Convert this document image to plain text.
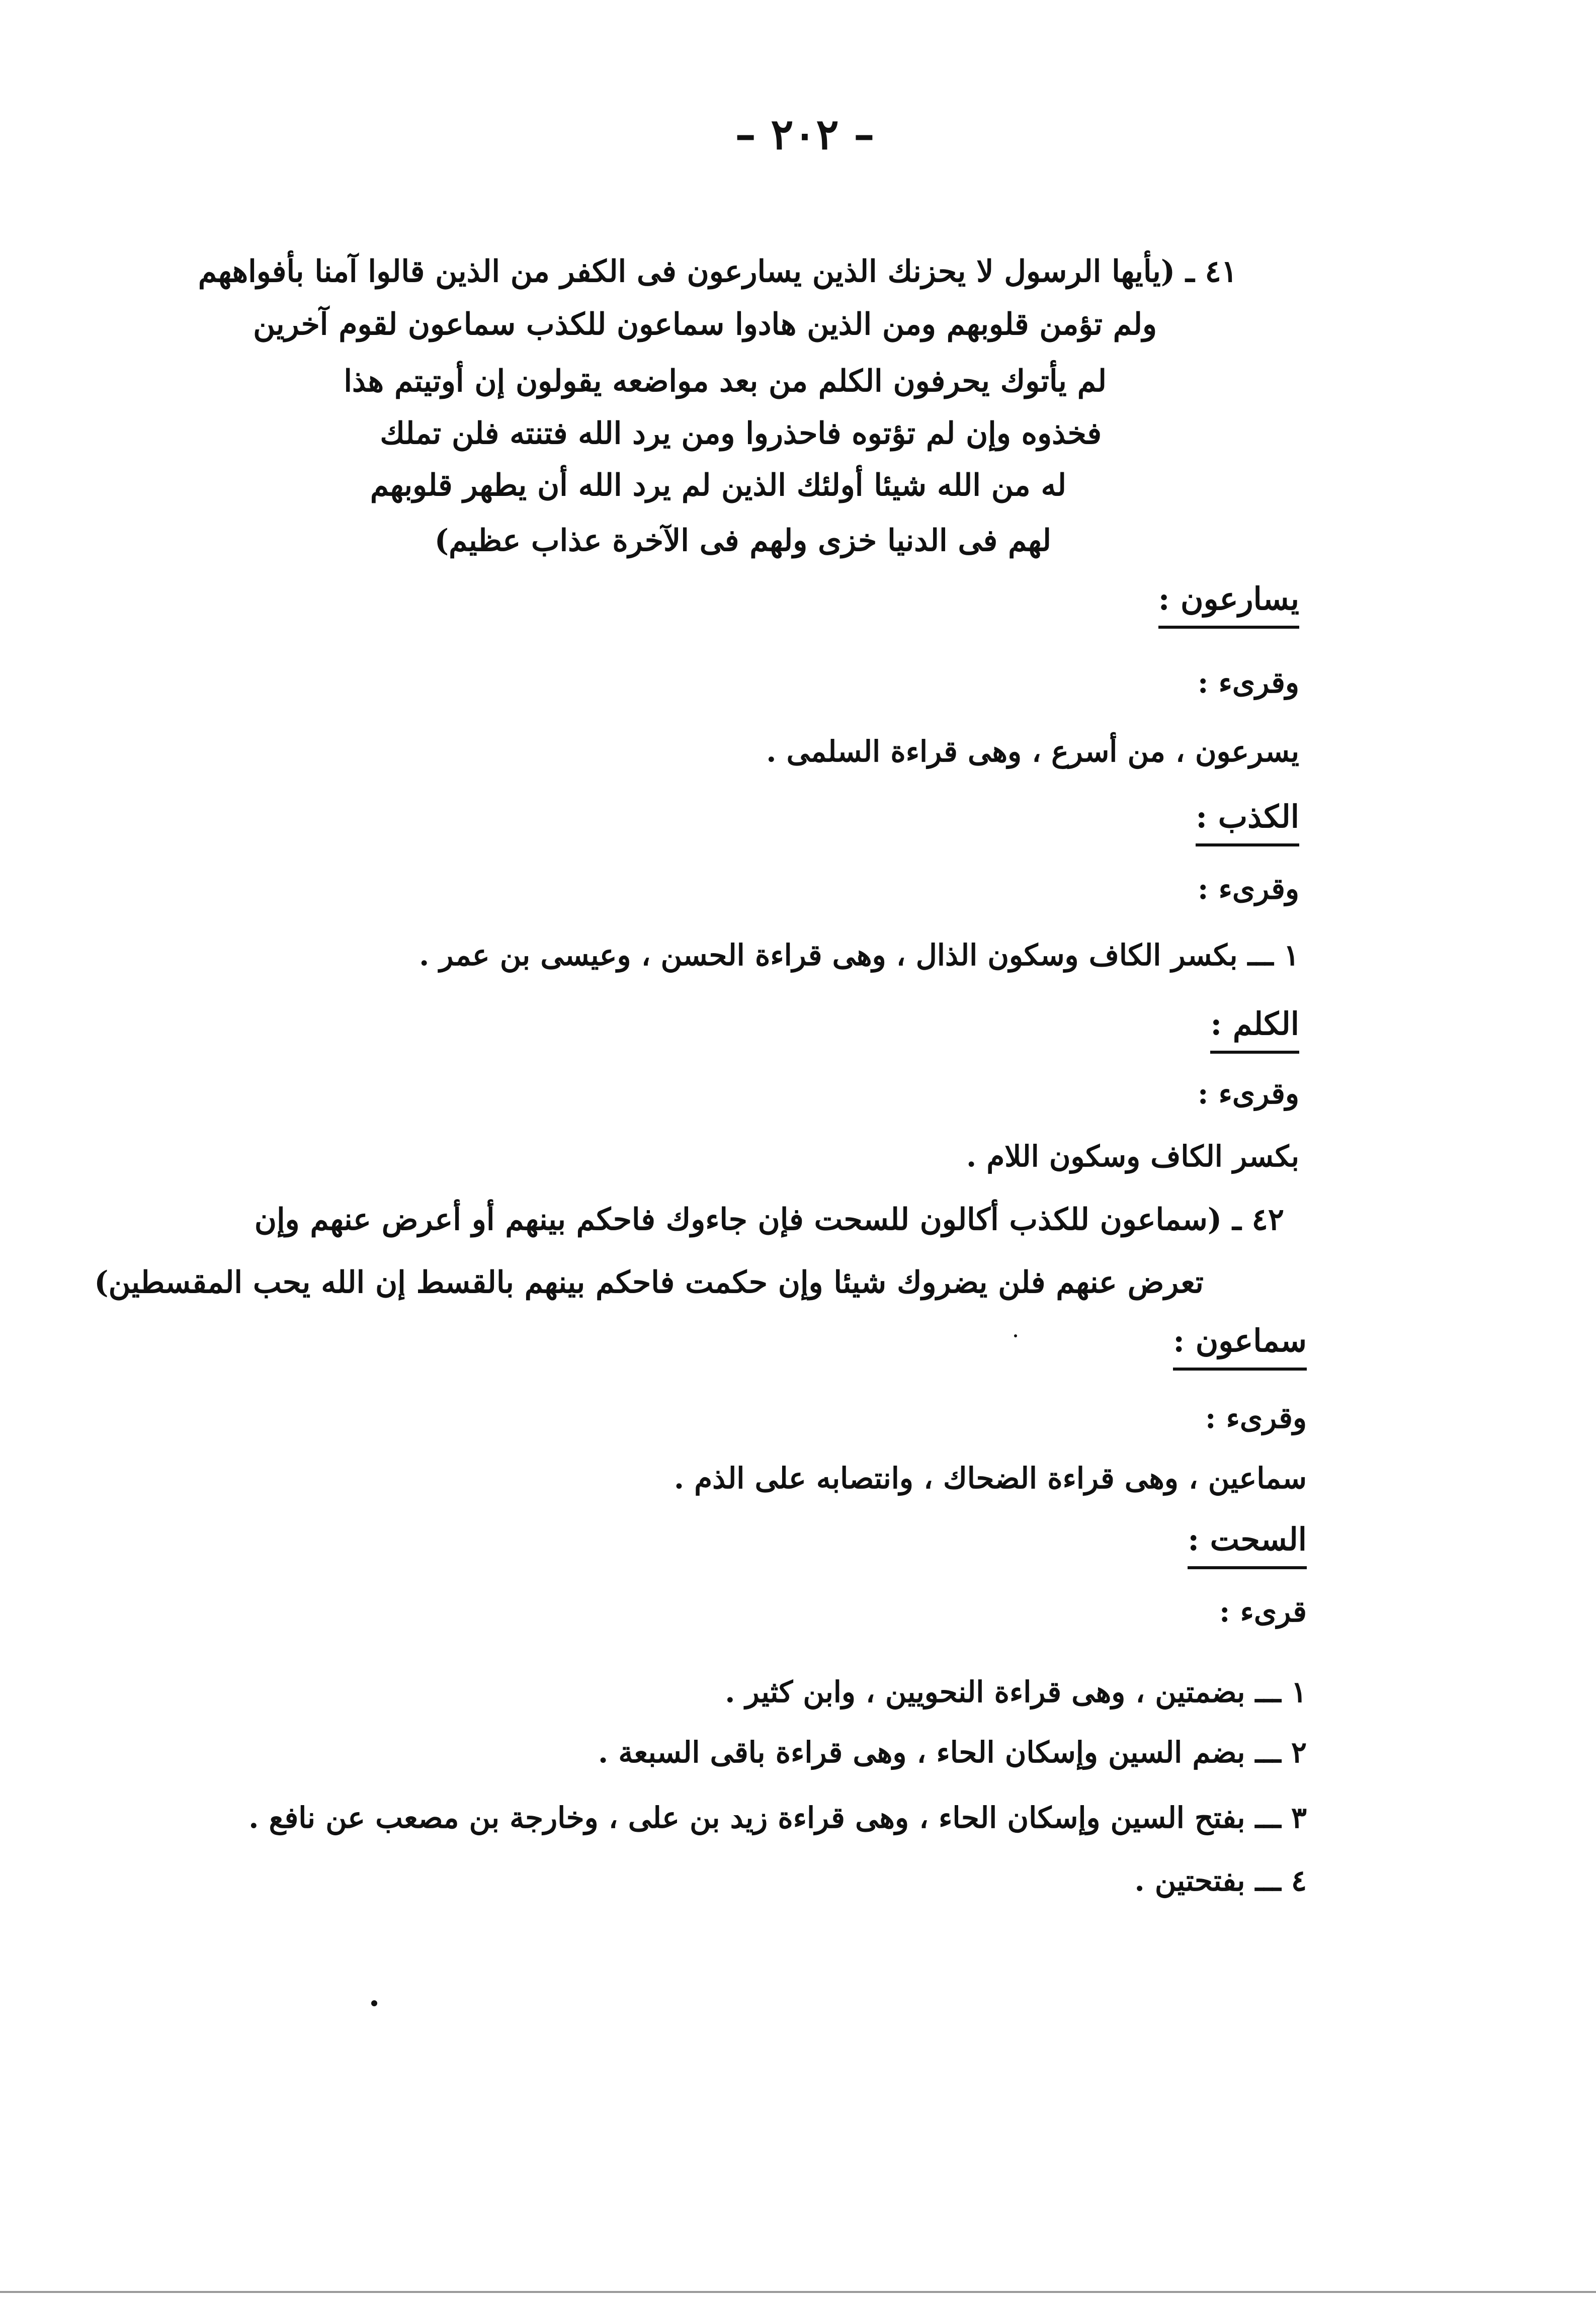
– ٢٠٢ –
٤١ ـ (يأيها الرسول لا يحزنك الذين يسارعون فى الكفر من الذين قالوا آمنا بأفواههم
ولم تؤمن قلوبهم ومن الذين هادوا سماعون للكذب سماعون لقوم آخرين
لم يأتوك يحرفون الكلم من بعد مواضعه يقولون إن أوتيتم هذا
فخذوه وإن لم تؤتوه فاحذروا ومن يرد الله فتنته فلن تملك
له من الله شيئا أولئك الذين لم يرد الله أن يطهر قلوبهم
لهم فى الدنيا خزى ولهم فى الآخرة عذاب عظيم)
يسارعون :
وقرىء :
يسرعون ، من أسرع ، وهى قراءة السلمى .
الكذب :
وقرىء :
١ ـــ بكسر الكاف وسكون الذال ، وهى قراءة الحسن ، وعيسى بن عمر .
الكلم :
وقرىء :
بكسر الكاف وسكون اللام .
٤٢ ـ (سماعون للكذب أكالون للسحت فإن جاءوك فاحكم بينهم أو أعرض عنهم وإن
تعرض عنهم فلن يضروك شيئا وإن حكمت فاحكم بينهم بالقسط إن الله يحب المقسطين)
سماعون :
وقرىء :
سماعين ، وهى قراءة الضحاك ، وانتصابه على الذم .
السحت :
قرىء :
١ ـــ بضمتين ، وهى قراءة النحويين ، وابن كثير .
٢ ـــ بضم السين وإسكان الحاء ، وهى قراءة باقى السبعة .
٣ ـــ بفتح السين وإسكان الحاء ، وهى قراءة زيد بن على ، وخارجة بن مصعب عن نافع .
٤ ـــ بفتحتين .
